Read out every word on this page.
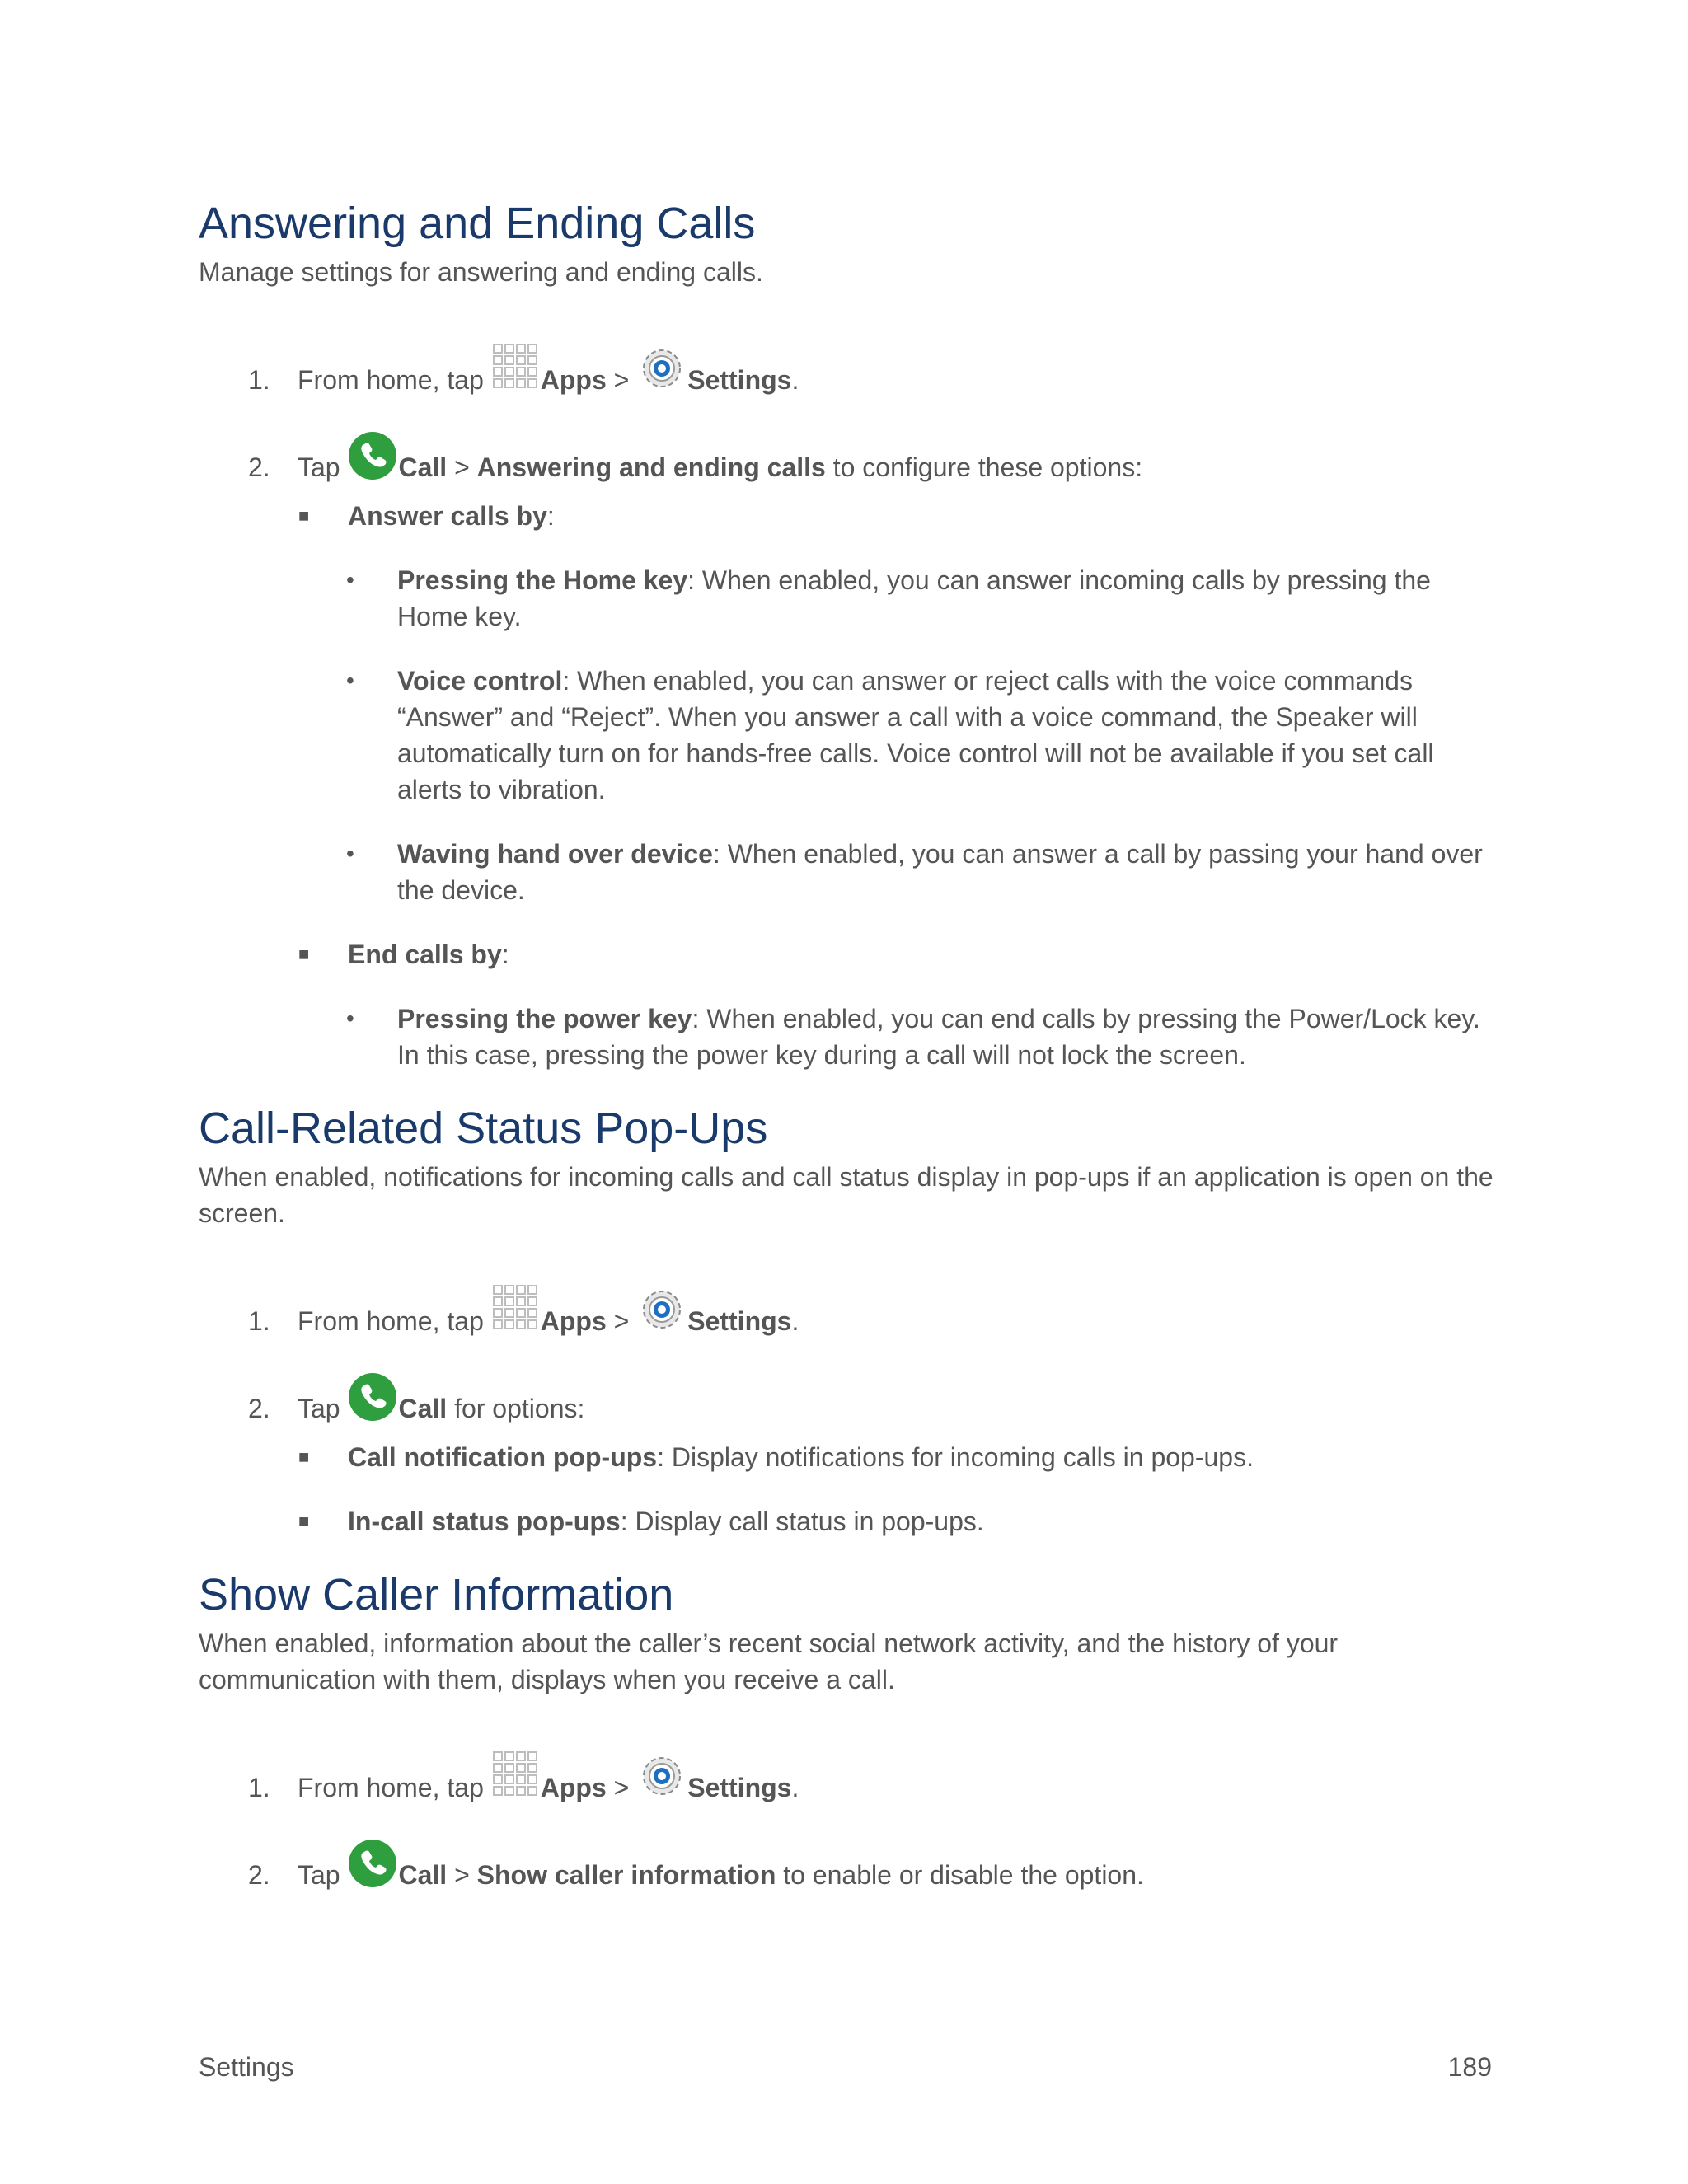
Answering and Ending Calls

Manage settings for answering and ending calls.

1. From home, tap Apps > Settings.
2. Tap Call > Answering and ending calls to configure these options:
■ Answer calls by:
• Pressing the Home key: When enabled, you can answer incoming calls by pressing the Home key.
• Voice control: When enabled, you can answer or reject calls with the voice commands “Answer” and “Reject”. When you answer a call with a voice command, the Speaker will automatically turn on for hands-free calls. Voice control will not be available if you set call alerts to vibration.
• Waving hand over device: When enabled, you can answer a call by passing your hand over the device.
■ End calls by:
• Pressing the power key: When enabled, you can end calls by pressing the Power/Lock key. In this case, pressing the power key during a call will not lock the screen.
Call-Related Status Pop-Ups

When enabled, notifications for incoming calls and call status display in pop-ups if an application is open on the screen.

1. From home, tap Apps > Settings.
2. Tap Call for options:
■ Call notification pop-ups: Display notifications for incoming calls in pop-ups.
■ In-call status pop-ups: Display call status in pop-ups.
Show Caller Information

When enabled, information about the caller’s recent social network activity, and the history of your communication with them, displays when you receive a call.

1. From home, tap Apps > Settings.
2. Tap Call > Show caller information to enable or disable the option.
Settings	189
